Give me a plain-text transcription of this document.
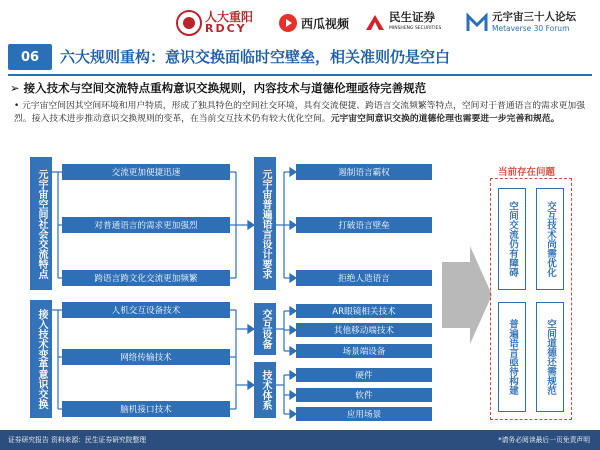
人大重阳
RDCY	西瓜视频	民生证券
MINSHENG SECURITIES
元宇宙三十人论坛
Metaverse 30 Forum
06	六大规则重构：意识交换面临时空壁垒，相关准则仍是空白
➢ 接入技术与空间交流特点重构意识交换规则，内容技术与道德伦理亟待完善规范
• 元宇宙空间因其空间环境和用户特质，形成了独具特色的空间社交环境，具有交流便捷、跨语言交流频繁等特点，空间对于普通语言的需求更加强烈。接入技术进步推动意识交换规则的变革，在当前交互技术仍有较大优化空间。元宇宙空间意识交换的道德伦理也需要进一步完善和规范。
元宇宙空间社会交流特点	交流更加便捷迅速
对普通语言的需求更加强烈
跨语言跨文化交流更加频繁
元宇宙普遍语言设计要求	遏制语言霸权
打破语言壁垒
拒绝人造语言
接入技术变革意识交换	人机交互设备技术
网络传输技术
脑机接口技术
交互设备	AR眼镜相关技术
其他移动端技术
场景端设备
技术体系	硬件
软件
应用场景
当前存在问题
空间交流仍有障碍	交互技术尚需优化
普遍语言亟待构建	空间道德还需规范
证券研究报告 资料来源：民生证券研究院整理	*请务必阅读最后一页免责声明
